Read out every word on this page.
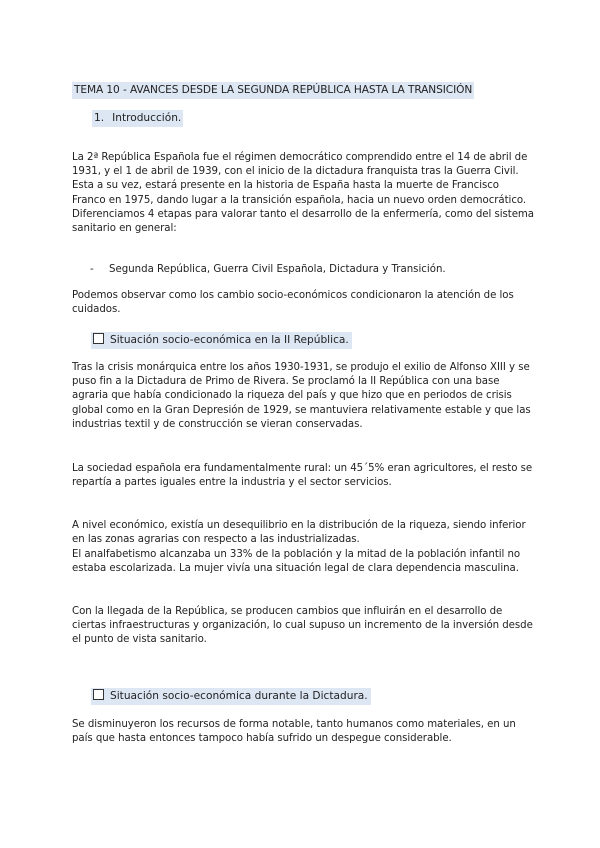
TEMA 10 - AVANCES DESDE LA SEGUNDA REPÚBLICA HASTA LA TRANSICIÓN
1. Introducción.
La 2ª República Española fue el régimen democrático comprendido entre el 14 de abril de 1931, y el 1 de abril de 1939, con el inicio de la dictadura franquista tras la Guerra Civil. Esta a su vez, estará presente en la historia de España hasta la muerte de Francisco Franco en 1975, dando lugar a la transición española, hacia un nuevo orden democrático. Diferenciamos 4 etapas para valorar tanto el desarrollo de la enfermería, como del sistema sanitario en general:
- Segunda República, Guerra Civil Española, Dictadura y Transición.
Podemos observar como los cambio socio-económicos condicionaron la atención de los cuidados.
Situación socio-económica en la II República.
Tras la crisis monárquica entre los años 1930-1931, se produjo el exilio de Alfonso XIII y se puso fin a la Dictadura de Primo de Rivera. Se proclamó la II República con una base agraria que había condicionado la riqueza del país y que hizo que en periodos de crisis global como en la Gran Depresión de 1929, se mantuviera relativamente estable y que las industrias textil y de construcción se vieran conservadas.
La sociedad española era fundamentalmente rural: un 45´5% eran agricultores, el resto se repartía a partes iguales entre la industria y el sector servicios.
A nivel económico, existía un desequilibrio en la distribución de la riqueza, siendo inferior en las zonas agrarias con respecto a las industrializadas.
El analfabetismo alcanzaba un 33% de la población y la mitad de la población infantil no estaba escolarizada. La mujer vivía una situación legal de clara dependencia masculina.
Con la llegada de la República, se producen cambios que influirán en el desarrollo de ciertas infraestructuras y organización, lo cual supuso un incremento de la inversión desde el punto de vista sanitario.
Situación socio-económica durante la Dictadura.
Se disminuyeron los recursos de forma notable, tanto humanos como materiales, en un país que hasta entonces tampoco había sufrido un despegue considerable.
